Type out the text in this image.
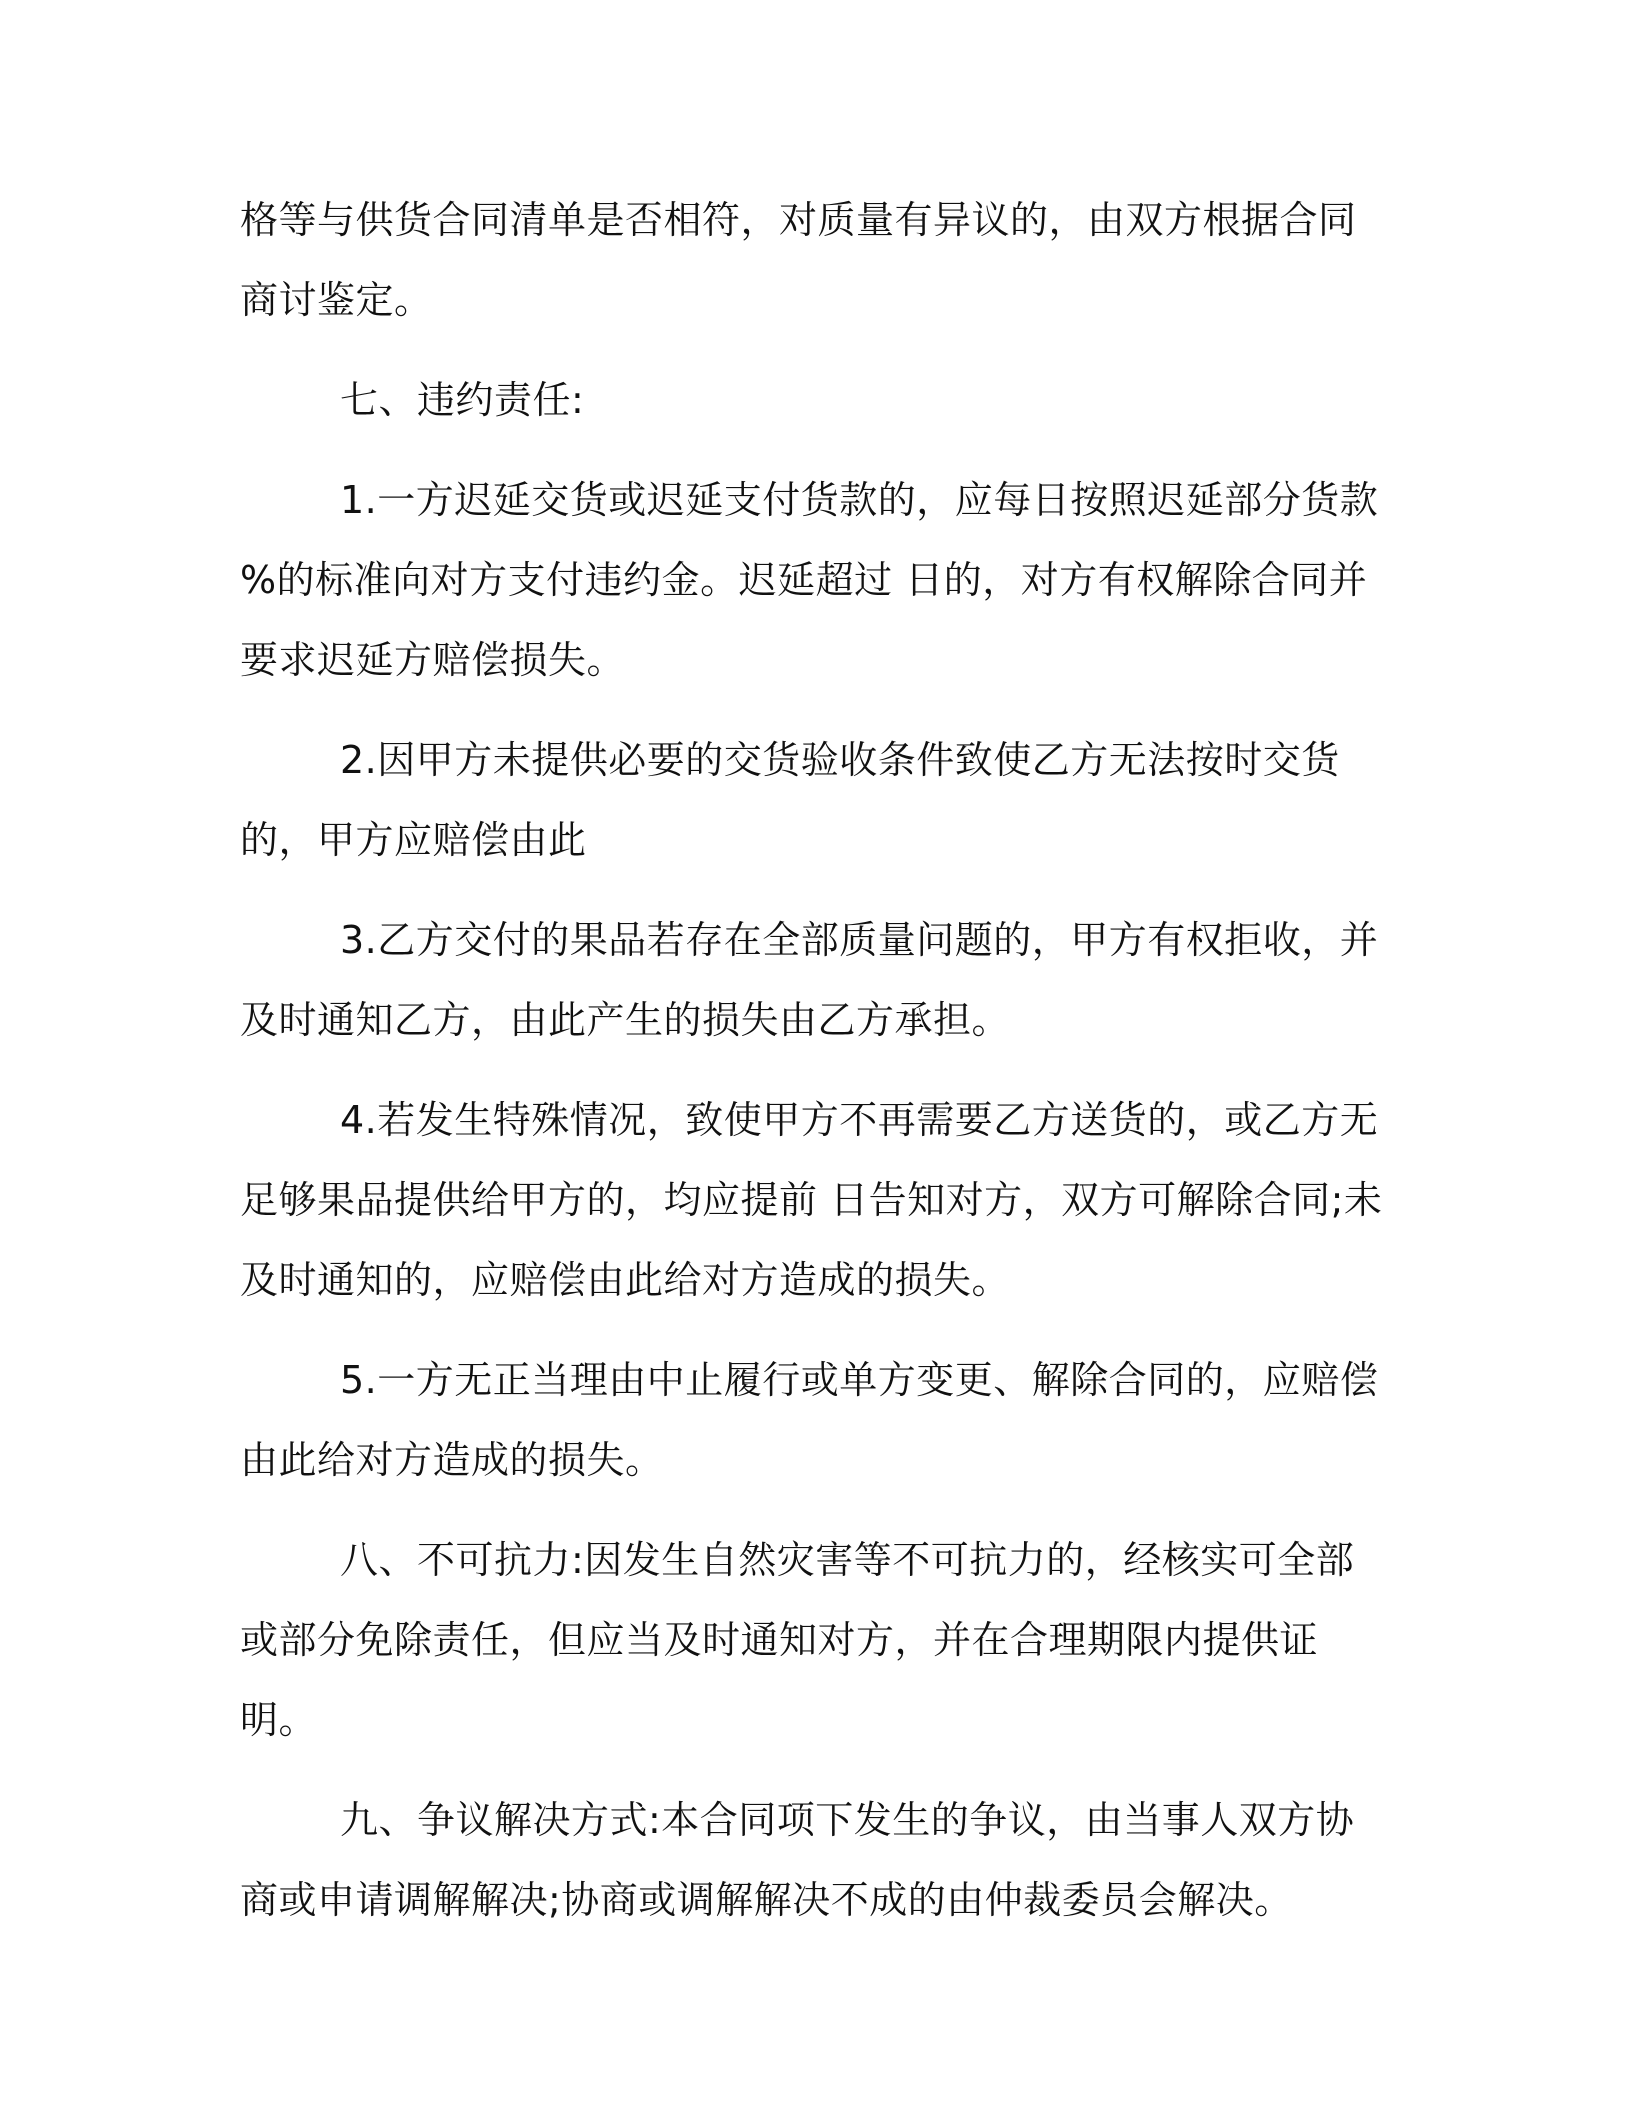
格等与供货合同清单是否相符，对质量有异议的，由双方根据合同商讨鉴定。

七、违约责任:

1.一方迟延交货或迟延支付货款的，应每日按照迟延部分货款 %的标准向对方支付违约金。迟延超过 日的，对方有权解除合同并要求迟延方赔偿损失。

2.因甲方未提供必要的交货验收条件致使乙方无法按时交货的，甲方应赔偿由此

3.乙方交付的果品若存在全部质量问题的，甲方有权拒收，并及时通知乙方，由此产生的损失由乙方承担。

4.若发生特殊情况，致使甲方不再需要乙方送货的，或乙方无足够果品提供给甲方的，均应提前 日告知对方，双方可解除合同;未及时通知的，应赔偿由此给对方造成的损失。

5.一方无正当理由中止履行或单方变更、解除合同的，应赔偿由此给对方造成的损失。

八、不可抗力:因发生自然灾害等不可抗力的，经核实可全部或部分免除责任，但应当及时通知对方，并在合理期限内提供证明。

九、争议解决方式:本合同项下发生的争议，由当事人双方协商或申请调解解决;协商或调解解决不成的由仲裁委员会解决。
